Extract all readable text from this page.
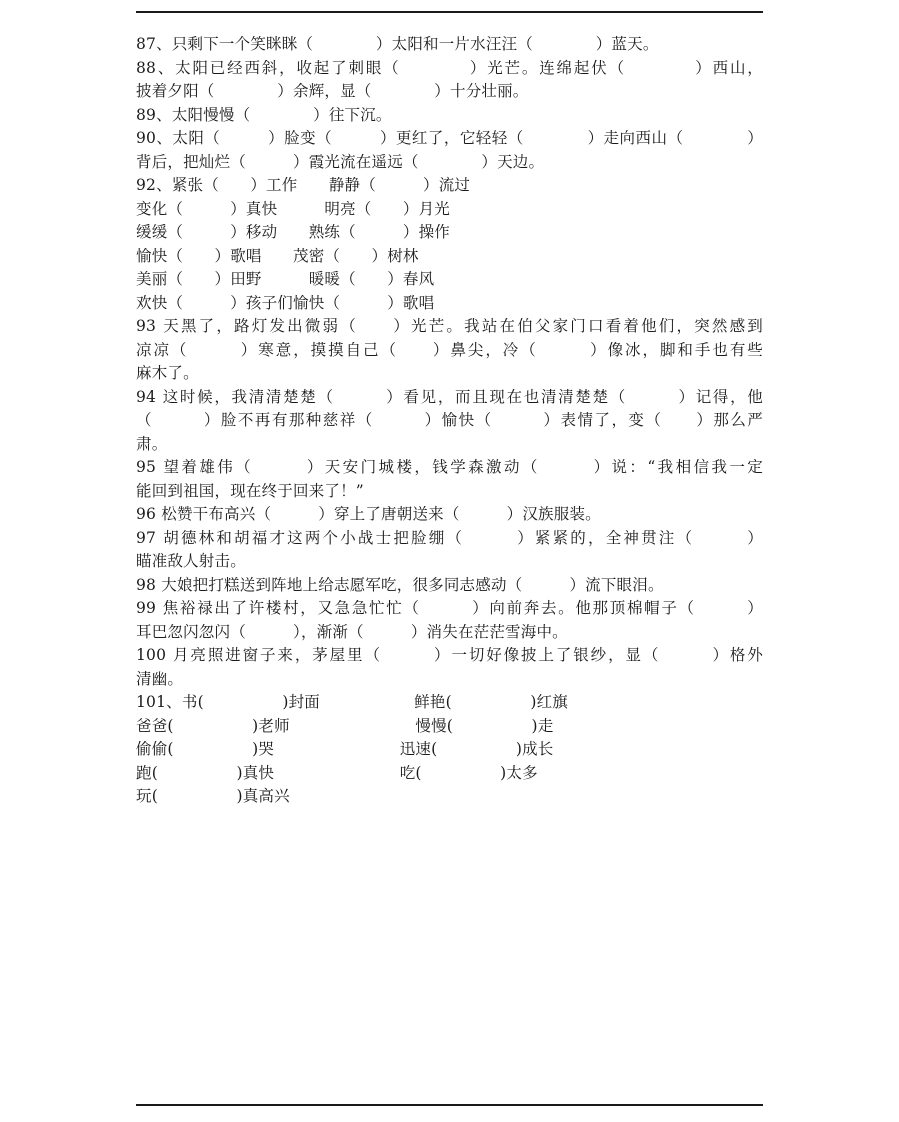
87、只剩下一个笑眯眯（　　　　）太阳和一片水汪汪（　　　　）蓝天。
88、太阳已经西斜，收起了刺眼（　　　　）光芒。连绵起伏（　　　　）西山，
披着夕阳（　　　　）余辉，显（　　　　）十分壮丽。
89、太阳慢慢（　　　　）往下沉。
90、太阳（　　　）脸变（　　　）更红了，它轻轻（　　　　）走向西山（　　　　）
背后，把灿烂（　　　）霞光流在遥远（　　　　）天边。
92、紧张（　　）工作　　静静（　　　）流过
变化（　　　）真快　　　明亮（　　）月光
缓缓（　　　）移动　　熟练（　　　）操作
愉快（　　）歌唱　　茂密（　　）树林
美丽（　　）田野　　　暖暖（　　）春风
欢快（　　　）孩子们愉快（　　　）歌唱
93 天黑了，路灯发出微弱（　　）光芒。我站在伯父家门口看着他们，突然感到
凉凉（　　　）寒意，摸摸自己（　　）鼻尖，冷（　　　）像冰，脚和手也有些
麻木了。
94 这时候，我清清楚楚（　　　）看见，而且现在也清清楚楚（　　　）记得，他
（　　　）脸不再有那种慈祥（　　　）愉快（　　　）表情了，变（　　）那么严
肃。
95 望着雄伟（　　　）天安门城楼，钱学森激动（　　　）说：“我相信我一定
能回到祖国，现在终于回来了！”
96 松赞干布高兴（　　　）穿上了唐朝送来（　　　）汉族服装。
97 胡德林和胡福才这两个小战士把脸绷（　　　）紧紧的，全神贯注（　　　）
瞄准敌人射击。
98 大娘把打糕送到阵地上给志愿军吃，很多同志感动（　　　）流下眼泪。
99 焦裕禄出了许楼村，又急急忙忙（　　　）向前奔去。他那顶棉帽子（　　　）
耳巴忽闪忽闪（　　　），渐渐（　　　）消失在茫茫雪海中。
100 月亮照进窗子来，茅屋里（　　　）一切好像披上了银纱，显（　　　）格外
清幽。
101、书(　　　　　)封面　　　　　　鲜艳(　　　　　)红旗
爸爸(　　　　　)老师　　　　　　　　慢慢(　　　　　)走
偷偷(　　　　　)哭　　　　　　　　迅速(　　　　　)成长
跑(　　　　　)真快　　　　　　　　吃(　　　　　)太多
玩(　　　　　)真高兴
